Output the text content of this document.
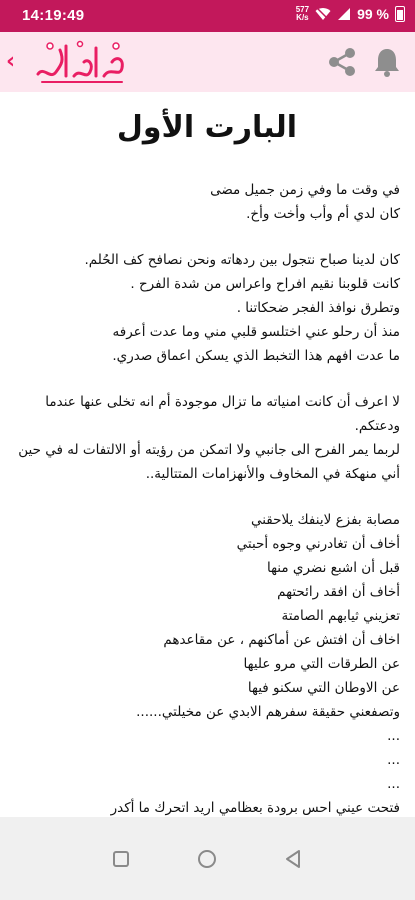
14:19:49	577
K/s	99 %
‹
البارت الأول
في وقت ما وفي زمن جميل مضى
كان لدي أم وأب وأخت وأخ.
كان لدينا صباح نتجول بين ردهاته ونحن نصافح كف الحُلم.
كانت قلوبنا نقيم افراح واعراس من شدة الفرح .
وتطرق نوافذ الفجر ضحكاتنا .
منذ أن رحلو عني اختلسو قلبي مني وما عدت أعرفه
ما عدت افهم هذا التخبط الذي يسكن اعماق صدري.
لا اعرف أن كانت امنياته ما تزال موجودة أم انه تخلى عنها عندما ودعتكم.
لربما يمر الفرح الى جانبي ولا اتمكن من رؤيته أو الالتفات له في حين أني منهكة في المخاوف والأنهزامات المتتالية..
مصابة بفزع لاينفك يلاحقني
أخاف أن تغادرني وجوه أحبتي
قبل أن اشبع نضري منها
أخاف أن افقد رائحتهم
تعزيني ثيابهم الصامتة
اخاف أن افتش عن أماكنهم ، عن مقاعدهم
عن الطرقات التي مرو عليها
عن الاوطان التي سكنو فيها
وتصفعني حقيقة سفرهم الابدي عن مخيلتي......
...
...
...
فتحت عيني احس برودة بعظامي اريد اتحرك ما أكدر
